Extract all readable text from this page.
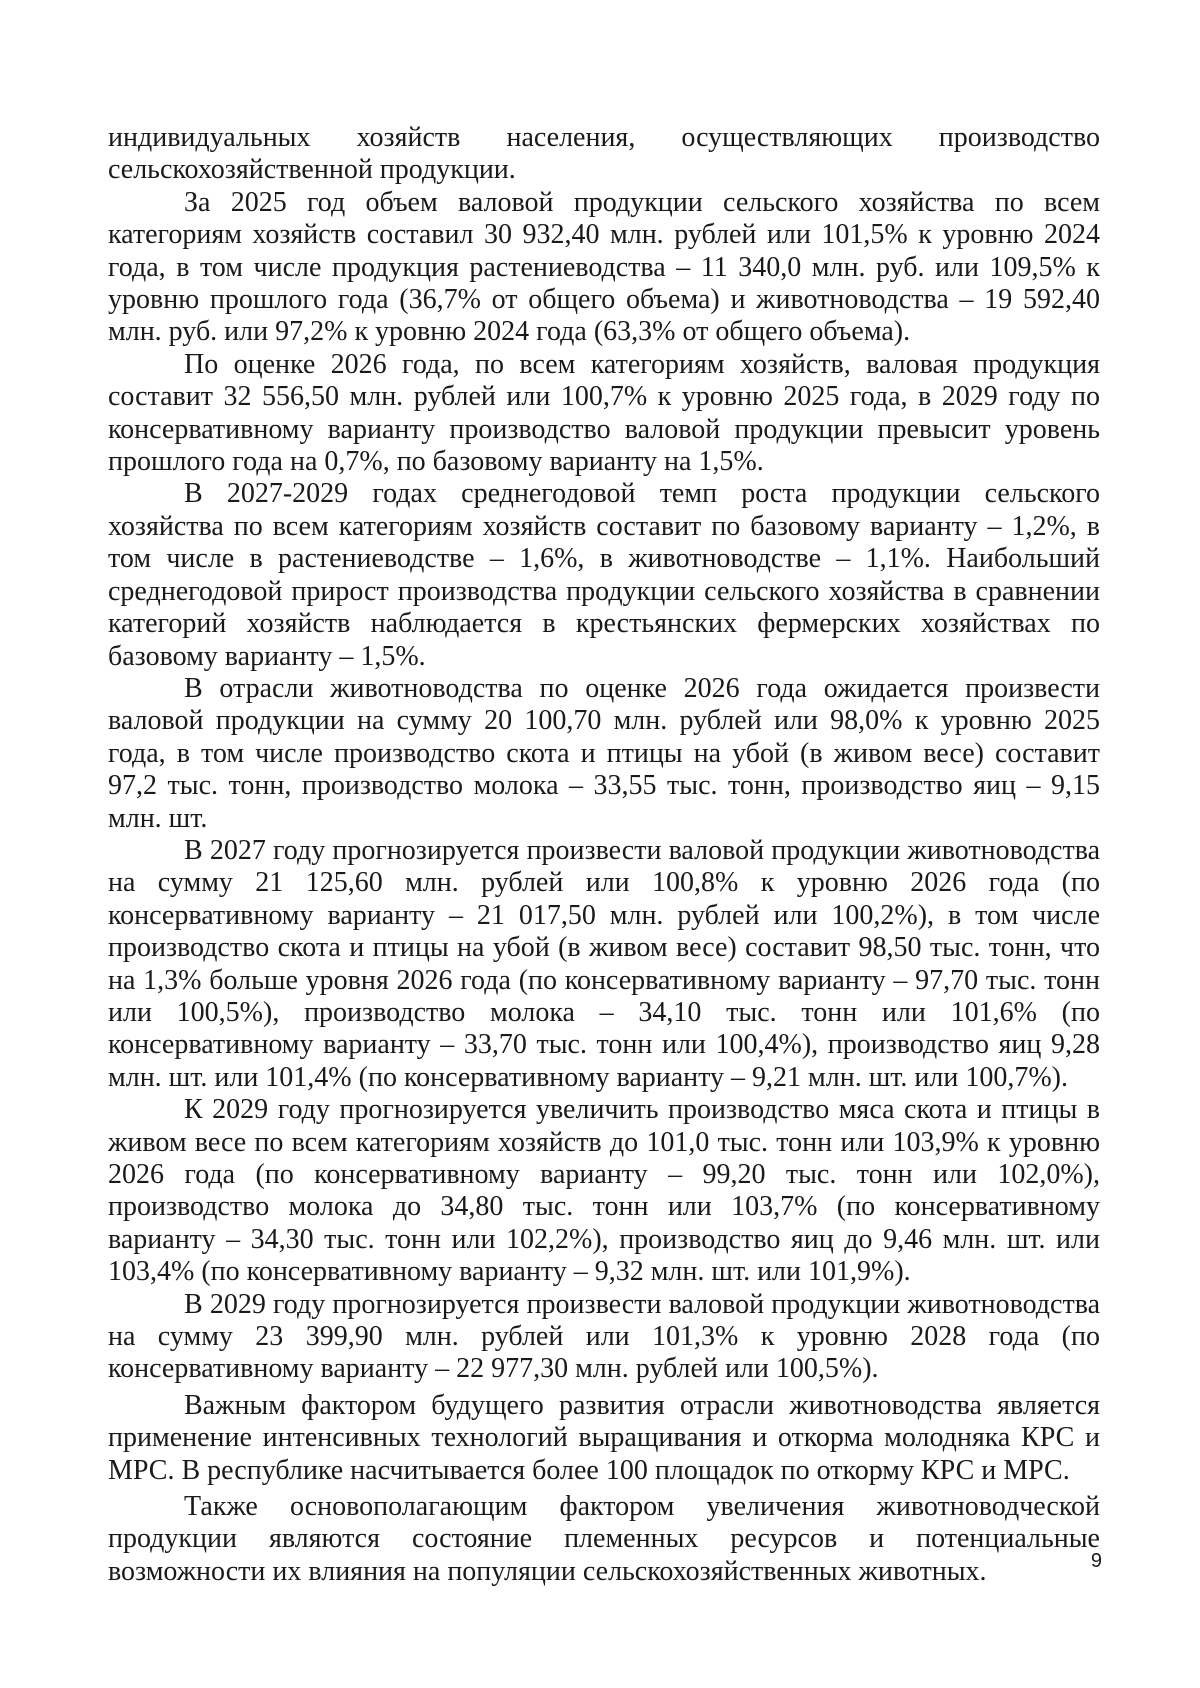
индивидуальных хозяйств населения, осуществляющих производство сельскохозяйственной продукции.

За 2025 год объем валовой продукции сельского хозяйства по всем категориям хозяйств составил 30 932,40 млн. рублей или 101,5% к уровню 2024 года, в том числе продукция растениеводства – 11 340,0 млн. руб. или 109,5% к уровню прошлого года (36,7% от общего объема) и животноводства – 19 592,40 млн. руб. или 97,2% к уровню 2024 года (63,3% от общего объема).

По оценке 2026 года, по всем категориям хозяйств, валовая продукция составит 32 556,50 млн. рублей или 100,7% к уровню 2025 года, в 2029 году по консервативному варианту производство валовой продукции превысит уровень прошлого года на 0,7%, по базовому варианту на 1,5%.

В 2027-2029 годах среднегодовой темп роста продукции сельского хозяйства по всем категориям хозяйств составит по базовому варианту – 1,2%, в том числе в растениеводстве – 1,6%, в животноводстве – 1,1%. Наибольший среднегодовой прирост производства продукции сельского хозяйства в сравнении категорий хозяйств наблюдается в крестьянских фермерских хозяйствах по базовому варианту – 1,5%.

В отрасли животноводства по оценке 2026 года ожидается произвести валовой продукции на сумму 20 100,70 млн. рублей или 98,0% к уровню 2025 года, в том числе производство скота и птицы на убой (в живом весе) составит 97,2 тыс. тонн, производство молока – 33,55 тыс. тонн, производство яиц – 9,15 млн. шт.

В 2027 году прогнозируется произвести валовой продукции животноводства на сумму 21 125,60 млн. рублей или 100,8% к уровню 2026 года (по консервативному варианту – 21 017,50 млн. рублей или 100,2%), в том числе производство скота и птицы на убой (в живом весе) составит 98,50 тыс. тонн, что на 1,3% больше уровня 2026 года (по консервативному варианту – 97,70 тыс. тонн или 100,5%), производство молока – 34,10 тыс. тонн или 101,6% (по консервативному варианту – 33,70 тыс. тонн или 100,4%), производство яиц 9,28 млн. шт. или 101,4% (по консервативному варианту – 9,21 млн. шт. или 100,7%).

К 2029 году прогнозируется увеличить производство мяса скота и птицы в живом весе по всем категориям хозяйств до 101,0 тыс. тонн или 103,9% к уровню 2026 года (по консервативному варианту – 99,20 тыс. тонн или 102,0%), производство молока до 34,80 тыс. тонн или 103,7% (по консервативному варианту – 34,30 тыс. тонн или 102,2%), производство яиц до 9,46 млн. шт. или 103,4% (по консервативному варианту – 9,32 млн. шт. или 101,9%).

В 2029 году прогнозируется произвести валовой продукции животноводства на сумму 23 399,90 млн. рублей или 101,3% к уровню 2028 года (по консервативному варианту – 22 977,30 млн. рублей или 100,5%).

Важным фактором будущего развития отрасли животноводства является применение интенсивных технологий выращивания и откорма молодняка КРС и МРС. В республике насчитывается более 100 площадок по откорму КРС и МРС.

Также основополагающим фактором увеличения животноводческой продукции являются состояние племенных ресурсов и потенциальные возможности их влияния на популяции сельскохозяйственных животных.	9
